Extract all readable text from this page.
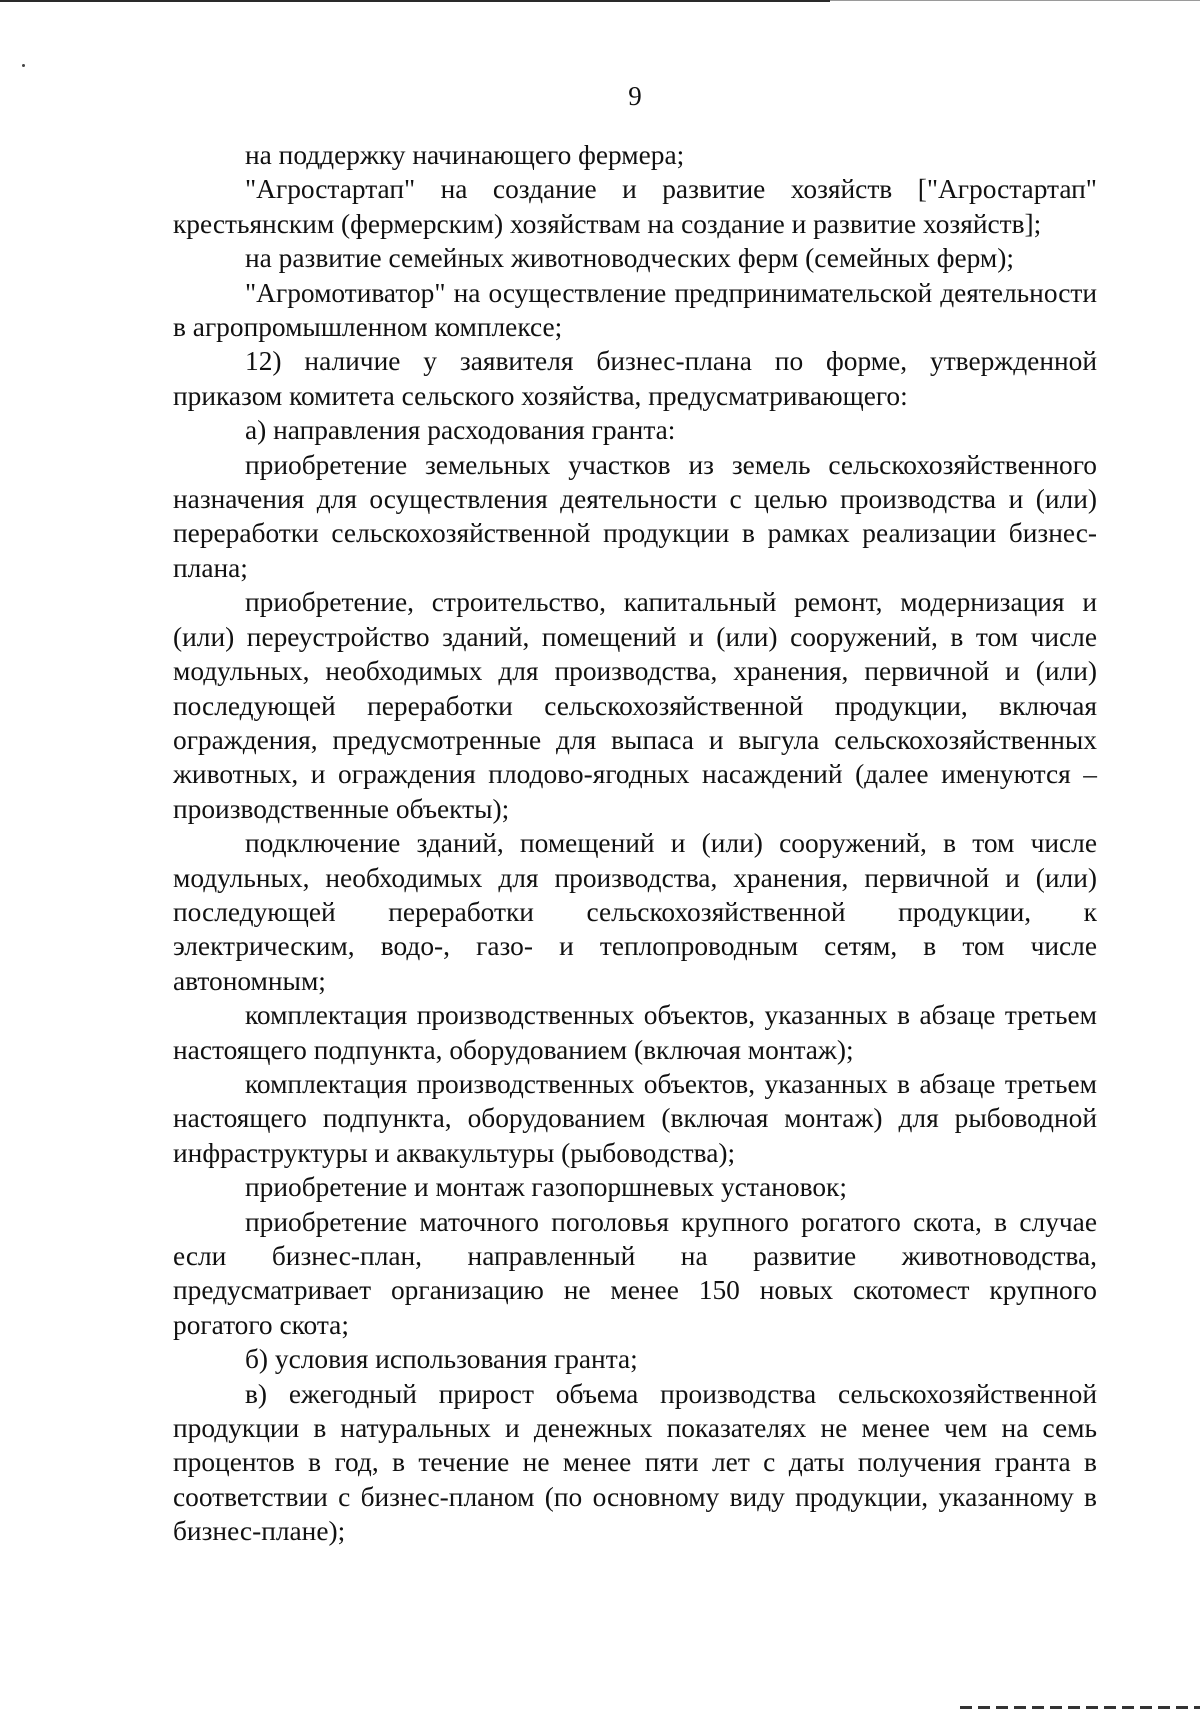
9

на поддержку начинающего фермера;

"Агростартап" на создание и развитие хозяйств ["Агростартап" крестьянским (фермерским) хозяйствам на создание и развитие хозяйств];

на развитие семейных животноводческих ферм (семейных ферм);

"Агромотиватор" на осуществление предпринимательской деятельности в агропромышленном комплексе;

12) наличие у заявителя бизнес-плана по форме, утвержденной приказом комитета сельского хозяйства, предусматривающего:

а) направления расходования гранта:

приобретение земельных участков из земель сельскохозяйственного назначения для осуществления деятельности с целью производства и (или) переработки сельскохозяйственной продукции в рамках реализации бизнес-плана;

приобретение, строительство, капитальный ремонт, модернизация и (или) переустройство зданий, помещений и (или) сооружений, в том числе модульных, необходимых для производства, хранения, первичной и (или) последующей переработки сельскохозяйственной продукции, включая ограждения, предусмотренные для выпаса и выгула сельскохозяйственных животных, и ограждения плодово-ягодных насаждений (далее именуются – производственные объекты);

подключение зданий, помещений и (или) сооружений, в том числе модульных, необходимых для производства, хранения, первичной и (или) последующей переработки сельскохозяйственной продукции, к электрическим, водо-, газо- и теплопроводным сетям, в том числе автономным;

комплектация производственных объектов, указанных в абзаце третьем настоящего подпункта, оборудованием (включая монтаж);

комплектация производственных объектов, указанных в абзаце третьем настоящего подпункта, оборудованием (включая монтаж) для рыбоводной инфраструктуры и аквакультуры (рыбоводства);

приобретение и монтаж газопоршневых установок;

приобретение маточного поголовья крупного рогатого скота, в случае если бизнес-план, направленный на развитие животноводства, предусматривает организацию не менее 150 новых скотомест крупного рогатого скота;

б) условия использования гранта;

в) ежегодный прирост объема производства сельскохозяйственной продукции в натуральных и денежных показателях не менее чем на семь процентов в год, в течение не менее пяти лет с даты получения гранта в соответствии с бизнес-планом (по основному виду продукции, указанному в бизнес-плане);
